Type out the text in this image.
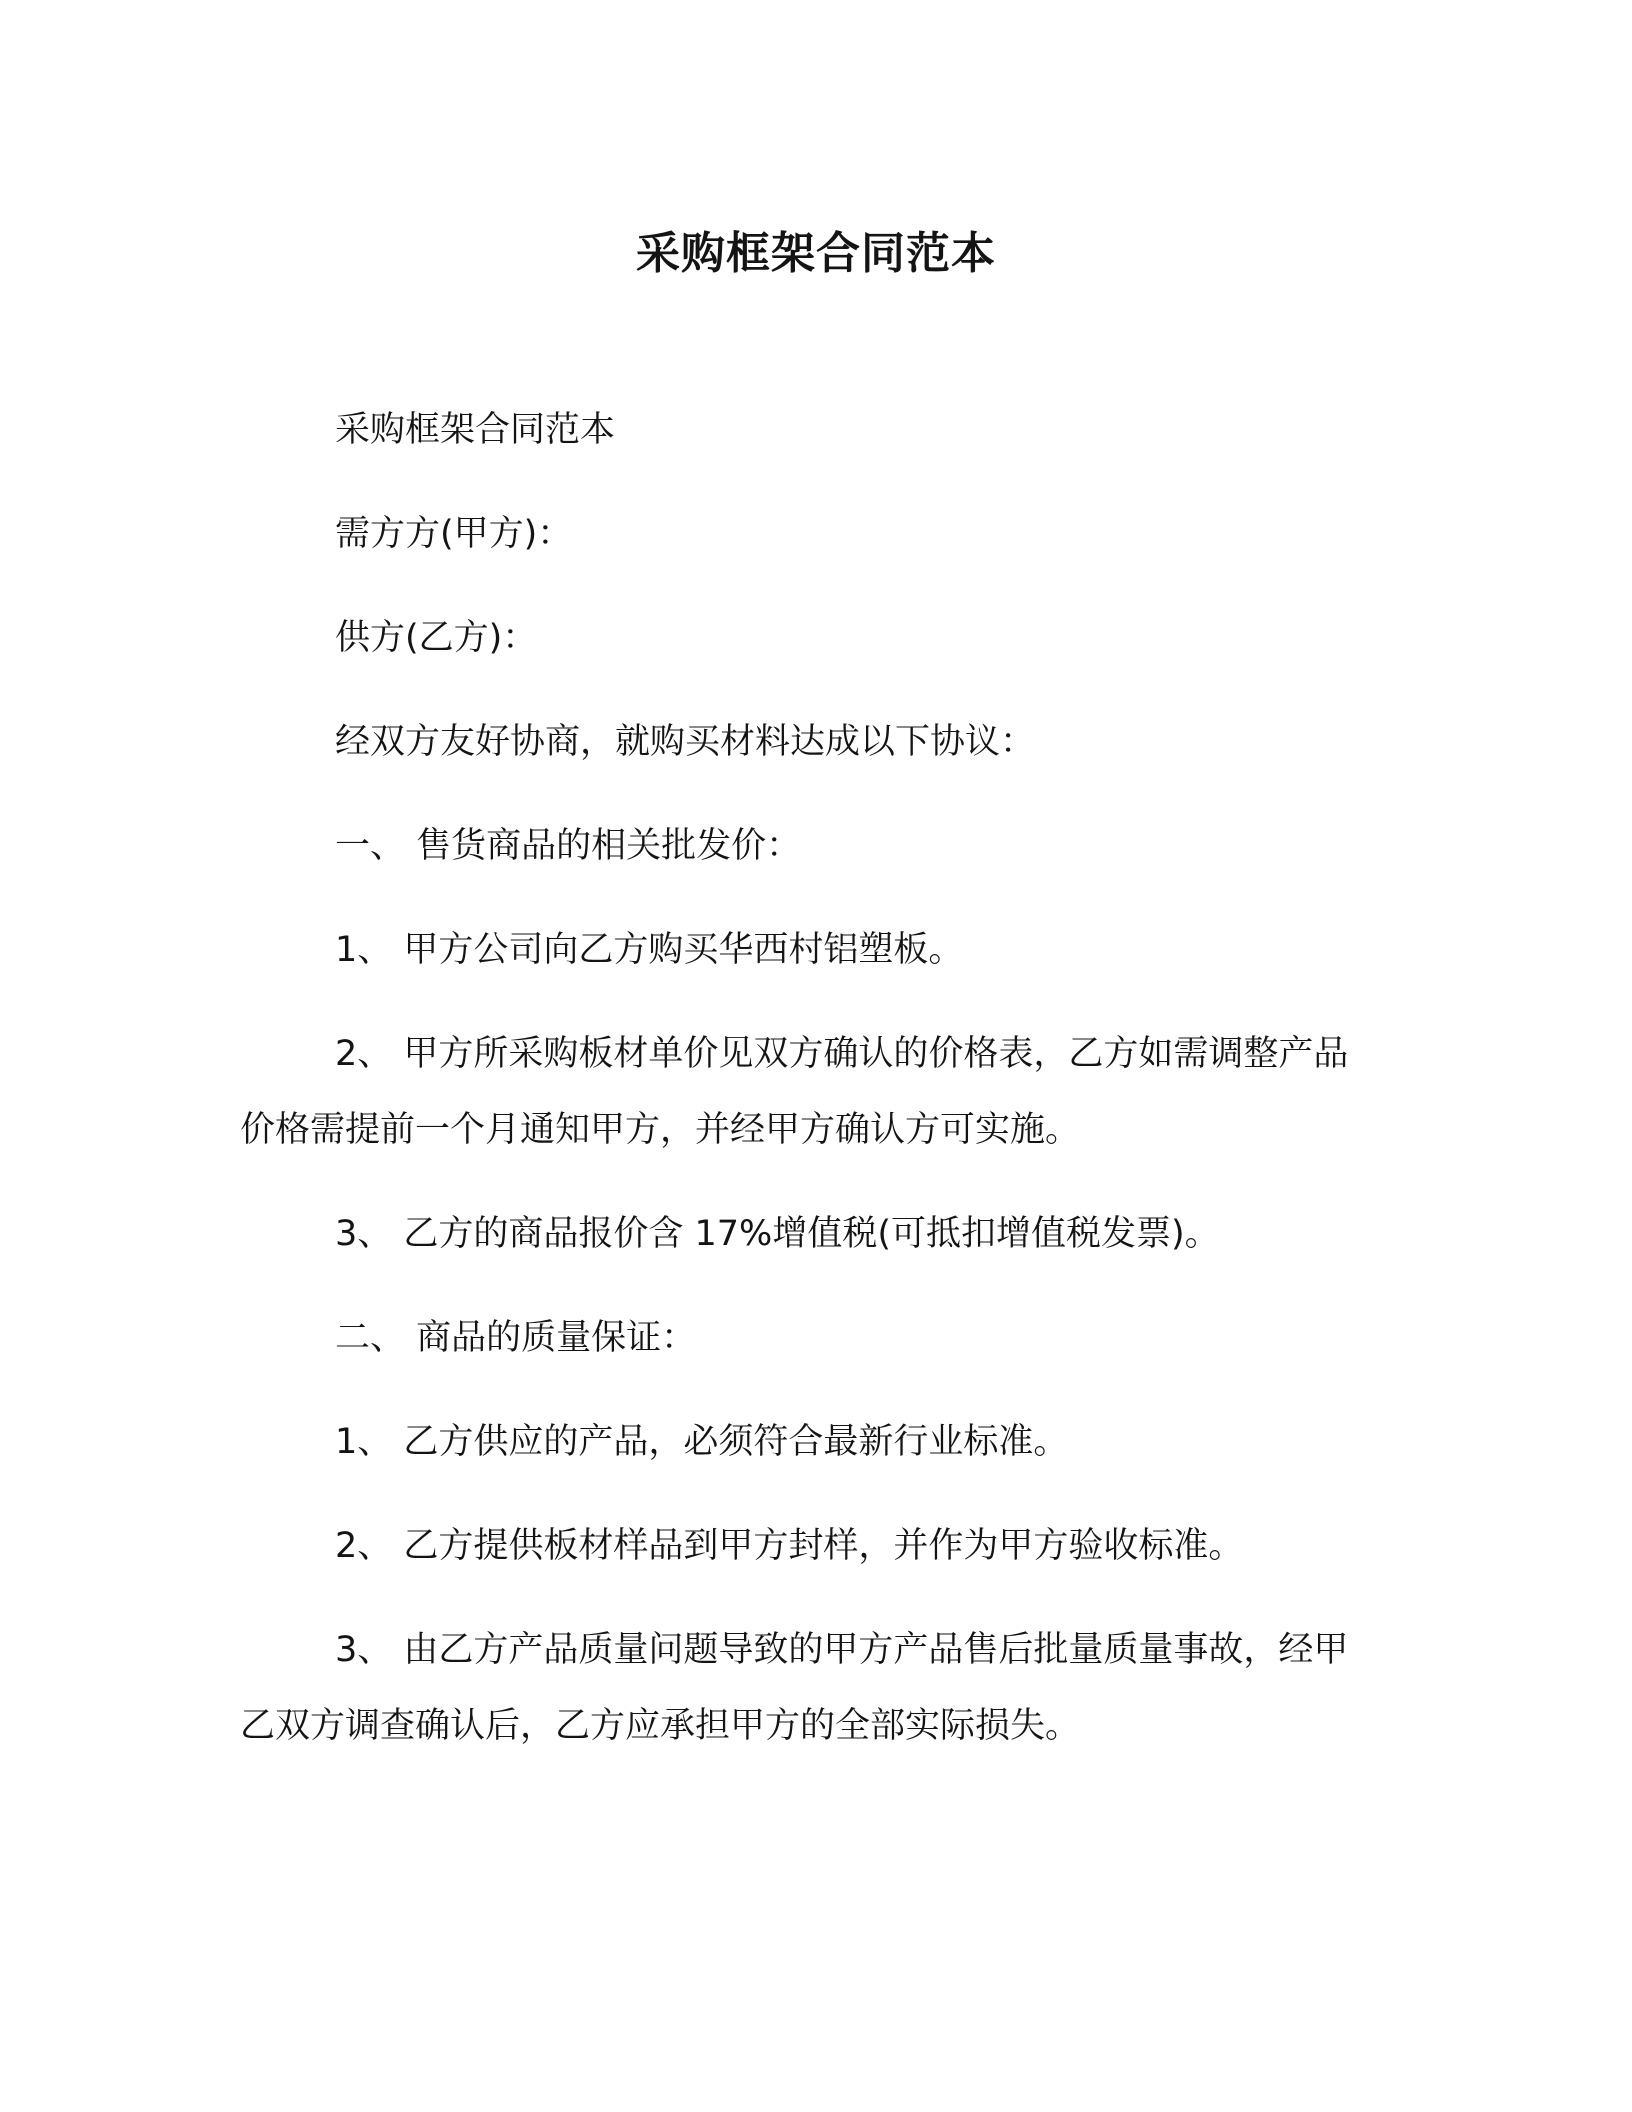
采购框架合同范本

采购框架合同范本

需方方(甲方)：

供方(乙方)：

经双方友好协商，就购买材料达成以下协议：

一、 售货商品的相关批发价：

1、 甲方公司向乙方购买华西村铝塑板。

2、 甲方所采购板材单价见双方确认的价格表，乙方如需调整产品价格需提前一个月通知甲方，并经甲方确认方可实施。

3、 乙方的商品报价含 17%增值税(可抵扣增值税发票)。

二、 商品的质量保证：

1、 乙方供应的产品，必须符合最新行业标准。

2、 乙方提供板材样品到甲方封样，并作为甲方验收标准。

3、 由乙方产品质量问题导致的甲方产品售后批量质量事故，经甲乙双方调查确认后，乙方应承担甲方的全部实际损失。
